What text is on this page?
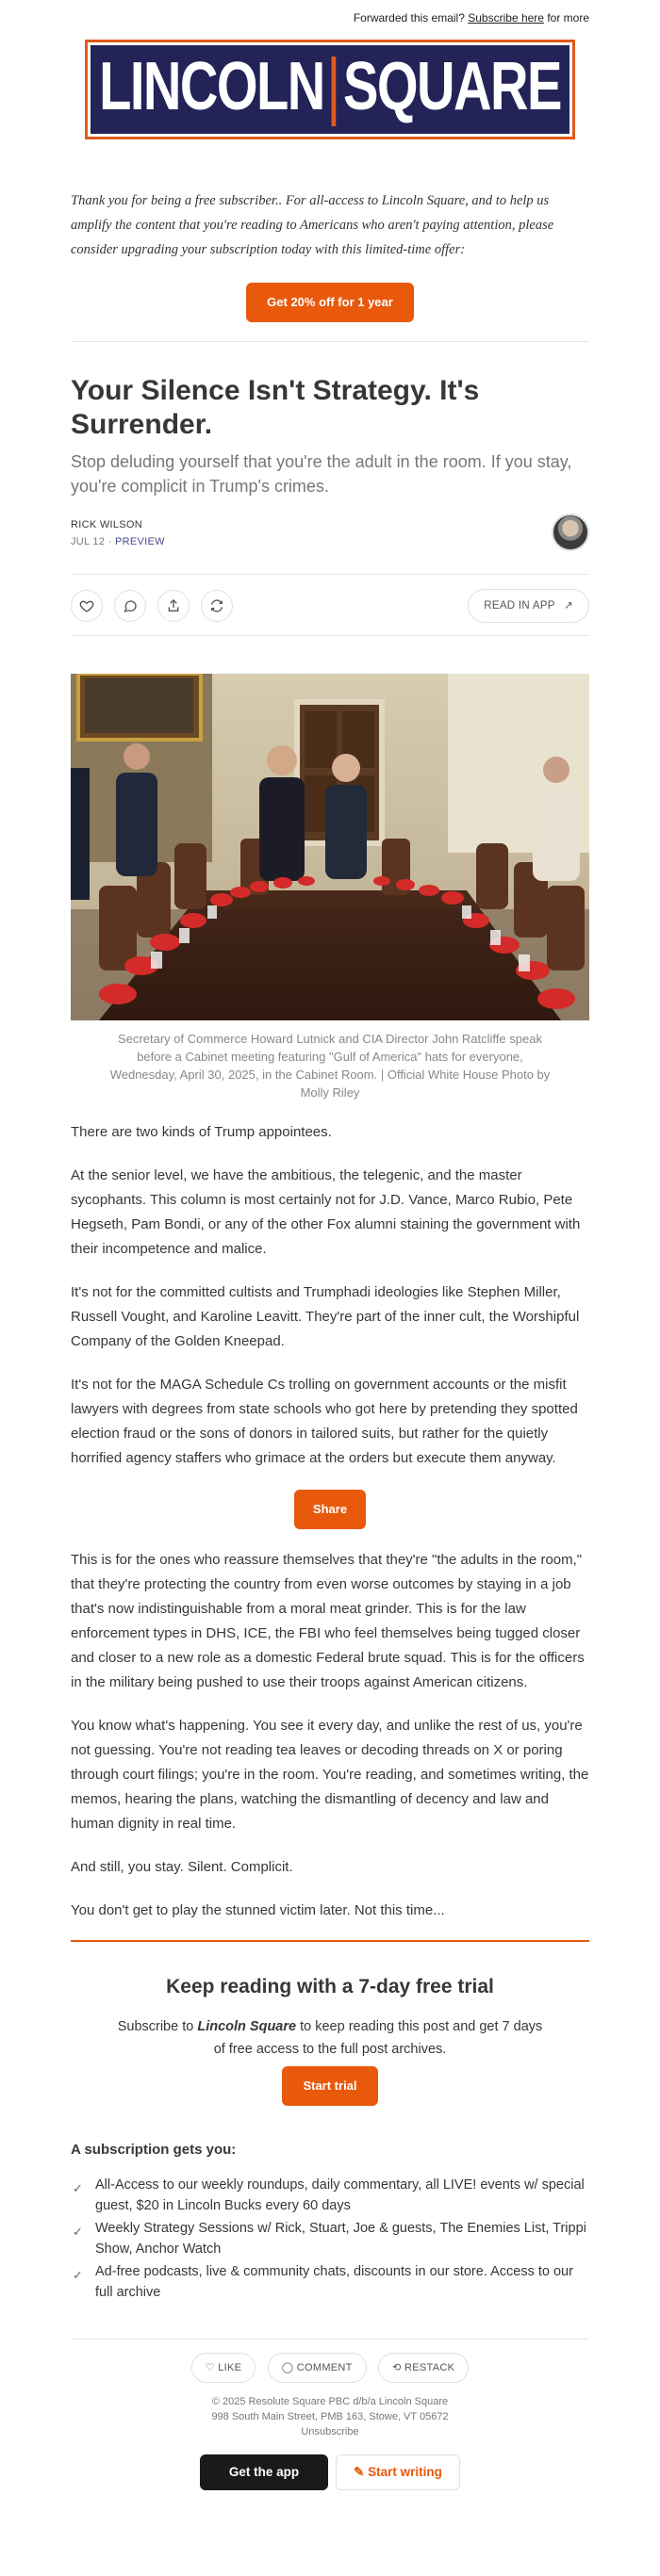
Forwarded this email? Subscribe here for more
LINCOLN SQUARE

Thank you for being a free subscriber.. For all-access to Lincoln Square, and to help us amplify the content that you're reading to Americans who aren't paying attention, please consider upgrading your subscription today with this limited-time offer:

Get 20% off for 1 year
Your Silence Isn't Strategy. It's Surrender.

Stop deluding yourself that you're the adult in the room. If you stay, you're complicit in Trump's crimes.

RICK WILSON
JUL 12 · PREVIEW
READ IN APP ↗

Secretary of Commerce Howard Lutnick and CIA Director John Ratcliffe speak before a Cabinet meeting featuring "Gulf of America" hats for everyone, Wednesday, April 30, 2025, in the Cabinet Room. | Official White House Photo by Molly Riley

There are two kinds of Trump appointees.

At the senior level, we have the ambitious, the telegenic, and the master sycophants. This column is most certainly not for J.D. Vance, Marco Rubio, Pete Hegseth, Pam Bondi, or any of the other Fox alumni staining the government with their incompetence and malice.

It's not for the committed cultists and Trumphadi ideologies like Stephen Miller, Russell Vought, and Karoline Leavitt. They're part of the inner cult, the Worshipful Company of the Golden Kneepad.

It's not for the MAGA Schedule Cs trolling on government accounts or the misfit lawyers with degrees from state schools who got here by pretending they spotted election fraud or the sons of donors in tailored suits, but rather for the quietly horrified agency staffers who grimace at the orders but execute them anyway.

Share

This is for the ones who reassure themselves that they're "the adults in the room," that they're protecting the country from even worse outcomes by staying in a job that's now indistinguishable from a moral meat grinder. This is for the law enforcement types in DHS, ICE, the FBI who feel themselves being tugged closer and closer to a new role as a domestic Federal brute squad. This is for the officers in the military being pushed to use their troops against American citizens.

You know what's happening. You see it every day, and unlike the rest of us, you're not guessing. You're not reading tea leaves or decoding threads on X or poring through court filings; you're in the room. You're reading, and sometimes writing, the memos, hearing the plans, watching the dismantling of decency and law and human dignity in real time.

And still, you stay. Silent. Complicit.

You don't get to play the stunned victim later. Not this time...

Keep reading with a 7-day free trial

Subscribe to Lincoln Square to keep reading this post and get 7 days of free access to the full post archives.

Start trial
A subscription gets you:
✓ All-Access to our weekly roundups, daily commentary, all LIVE! events w/ special guest, $20 in Lincoln Bucks every 60 days
✓ Weekly Strategy Sessions w/ Rick, Stuart, Joe & guests, The Enemies List, Trippi Show, Anchor Watch
✓ Ad-free podcasts, live & community chats, discounts in our store. Access to our full archive
♡ LIKE	◯ COMMENT	⟲ RESTACK
© 2025 Resolute Square PBC d/b/a Lincoln Square
998 South Main Street, PMB 163, Stowe, VT 05672
Unsubscribe
Get the app	✎ Start writing
